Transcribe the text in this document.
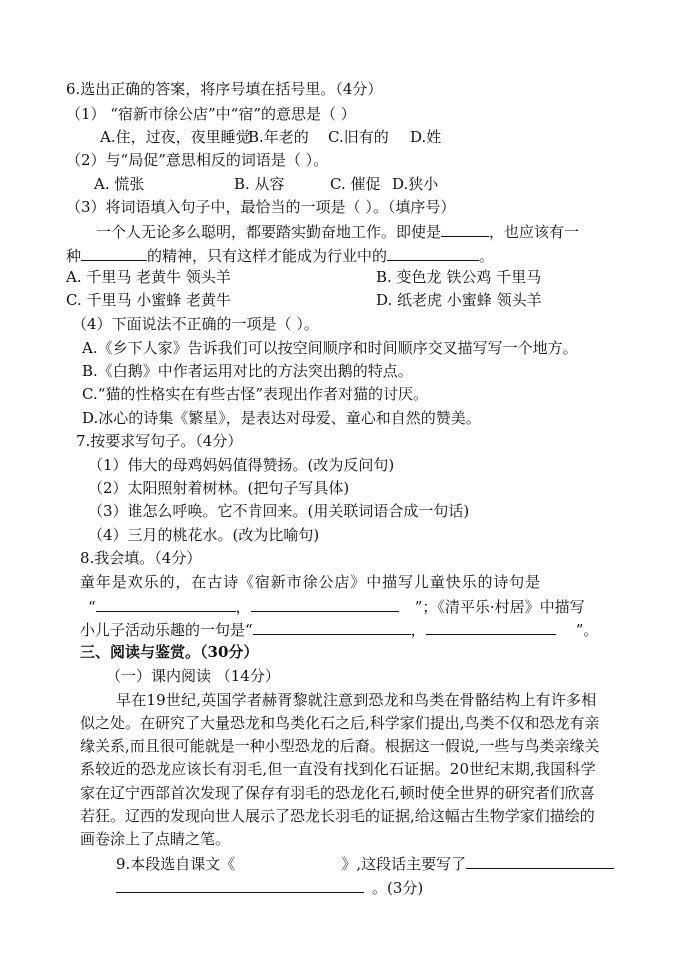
6.选出正确的答案，将序号填在括号里。（4分）
（1） “宿新市徐公店”中“宿”的意思是（ ）
A.住，过夜，夜里睡觉B.年老的 C.旧有的 D.姓
（2）与“局促”意思相反的词语是（ ）。
A. 慌张	B. 从容	C. 催促 D.狭小
（3）将词语填入句子中，最恰当的一项是（ ）。（填序号）
一个人无论多么聪明，都要踏实勤奋地工作。即使是	，也应该有一
种	的精神，只有这样才能成为行业中的	。
A. 千里马 老黄牛 领头羊	B. 变色龙 铁公鸡 千里马
C. 千里马 小蜜蜂 老黄牛	D. 纸老虎 小蜜蜂 领头羊
（4）下面说法不正确的一项是（ ）。
A.《乡下人家》告诉我们可以按空间顺序和时间顺序交叉描写写一个地方。
B.《白鹅》中作者运用对比的方法突出鹅的特点。
C.“猫的性格实在有些古怪”表现出作者对猫的讨厌。
D.冰心的诗集《繁星》，是表达对母爱、童心和自然的赞美。
7.按要求写句子。（4分）
（1）伟大的母鸡妈妈值得赞扬。(改为反问句)
（2）太阳照射着树林。(把句子写具体)
（3）谁怎么呼唤。它不肯回来。(用关联词语合成一句话)
（4）三月的桃花水。(改为比喻句)
8.我会填。（4分）
童年是欢乐的，在古诗《宿新市徐公店》中描写儿童快乐的诗句是
“	，	”；《清平乐·村居》中描写
小儿子活动乐趣的一句是“	，	”。
三、阅读与鉴赏。（30分）
（一）课内阅读 （14分）
早在19世纪,英国学者赫胥黎就注意到恐龙和鸟类在骨骼结构上有许多相
似之处。在研究了大量恐龙和鸟类化石之后,科学家们提出,鸟类不仅和恐龙有亲
缘关系,而且很可能就是一种小型恐龙的后裔。根据这一假说,一些与鸟类亲缘关
系较近的恐龙应该长有羽毛,但一直没有找到化石证据。20世纪末期,我国科学
家在辽宁西部首次发现了保存有羽毛的恐龙化石,顿时使全世界的研究者们欣喜
若狂。辽西的发现向世人展示了恐龙长羽毛的证据,给这幅古生物学家们描绘的
画卷涂上了点睛之笔。
9.本段选自课文《	》,这段话主要写了
。(3分)
